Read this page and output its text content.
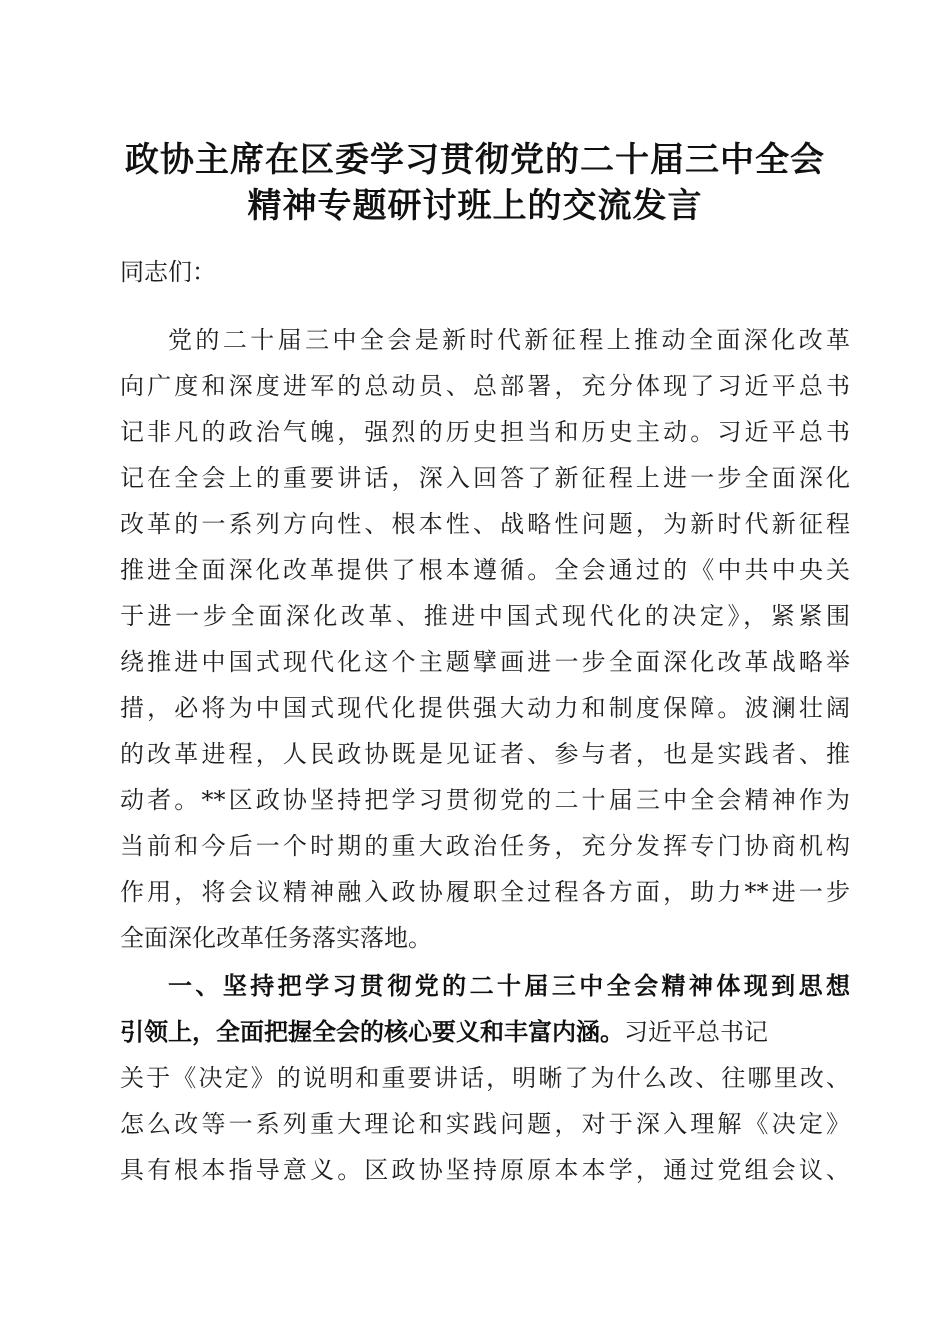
政协主席在区委学习贯彻党的二十届三中全会
精神专题研讨班上的交流发言
同志们：
党的二十届三中全会是新时代新征程上推动全面深化改革
向广度和深度进军的总动员、总部署，充分体现了习近平总书
记非凡的政治气魄，强烈的历史担当和历史主动。习近平总书
记在全会上的重要讲话，深入回答了新征程上进一步全面深化
改革的一系列方向性、根本性、战略性问题，为新时代新征程
推进全面深化改革提供了根本遵循。全会通过的《中共中央关
于进一步全面深化改革、推进中国式现代化的决定》，紧紧围
绕推进中国式现代化这个主题擘画进一步全面深化改革战略举
措，必将为中国式现代化提供强大动力和制度保障。波澜壮阔
的改革进程，人民政协既是见证者、参与者，也是实践者、推
动者。**区政协坚持把学习贯彻党的二十届三中全会精神作为
当前和今后一个时期的重大政治任务，充分发挥专门协商机构
作用，将会议精神融入政协履职全过程各方面，助力**进一步
全面深化改革任务落实落地。
一、坚持把学习贯彻党的二十届三中全会精神体现到思想
引领上，全面把握全会的核心要义和丰富内涵。习近平总书记
关于《决定》的说明和重要讲话，明晰了为什么改、往哪里改、
怎么改等一系列重大理论和实践问题，对于深入理解《决定》
具有根本指导意义。区政协坚持原原本本学，通过党组会议、
